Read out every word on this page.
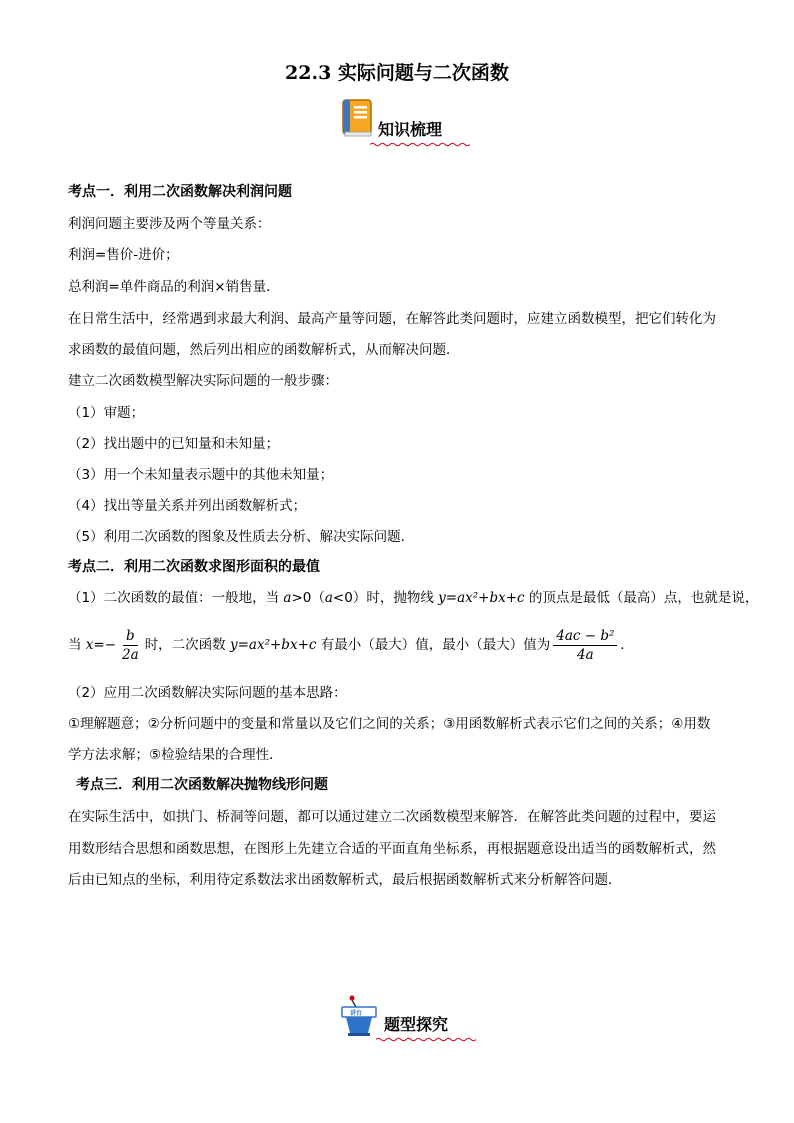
22.3 实际问题与二次函数
知识梳理
考点一．利用二次函数解决利润问题
利润问题主要涉及两个等量关系：
利润=售价-进价；
总利润=单件商品的利润×销售量．
在日常生活中，经常遇到求最大利润、最高产量等问题，在解答此类问题时，应建立函数模型，把它们转化为
求函数的最值问题，然后列出相应的函数解析式，从而解决问题．
建立二次函数模型解决实际问题的一般步骤：
（1）审题；
（2）找出题中的已知量和未知量；
（3）用一个未知量表示题中的其他未知量；
（4）找出等量关系并列出函数解析式；
（5）利用二次函数的图象及性质去分析、解决实际问题．
考点二．利用二次函数求图形面积的最值
（1）二次函数的最值：一般地，当 a>0（a<0）时，抛物线 y=ax²+bx+c 的顶点是最低（最高）点，也就是说，
当 $x=- \frac{b}{2a}$ 时，二次函数 y=ax²+bx+c 有最小（最大）值，最小（最大）值为 $\frac{\text{4ac − b²}}{4a}$ ．
（2）应用二次函数解决实际问题的基本思路：
①理解题意；②分析问题中的变量和常量以及它们之间的关系；③用函数解析式表示它们之间的关系；④用数
学方法求解；⑤检验结果的合理性．
考点三．利用二次函数解决抛物线形问题
在实际生活中，如拱门、桥洞等问题，都可以通过建立二次函数模型来解答．在解答此类问题的过程中，要运
用数形结合思想和函数思想，在图形上先建立合适的平面直角坐标系，再根据题意设出适当的函数解析式，然
后由已知点的坐标，利用待定系数法求出函数解析式，最后根据函数解析式来分析解答问题．
讲台
题型探究
